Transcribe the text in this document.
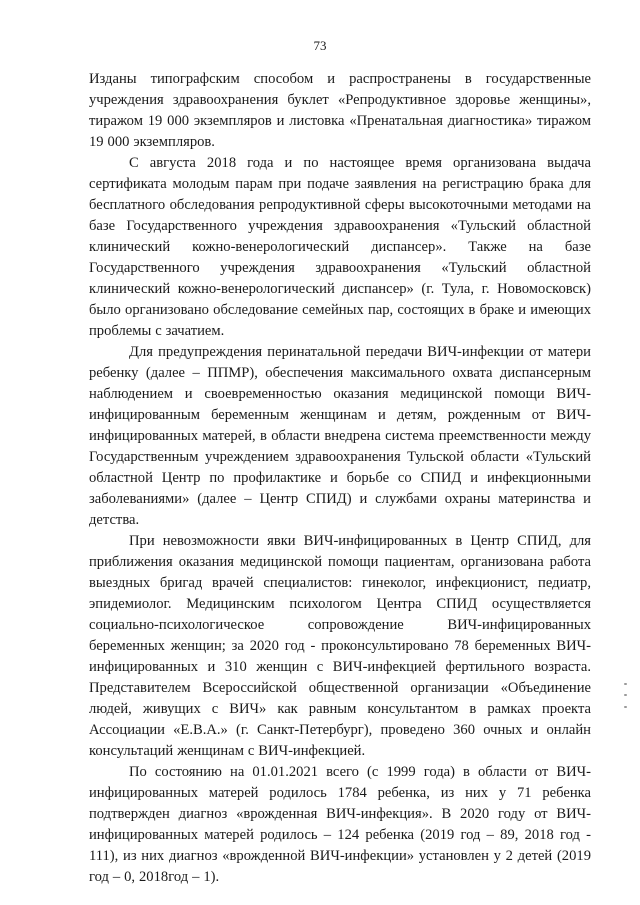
73

Изданы типографским способом и распространены в государственные учреждения здравоохранения буклет «Репродуктивное здоровье женщины», тиражом 19 000 экземпляров и листовка «Пренатальная диагностика» тиражом 19 000 экземпляров.

С августа 2018 года и по настоящее время организована выдача сертификата молодым парам при подаче заявления на регистрацию брака для бесплатного обследования репродуктивной сферы высокоточными методами на базе Государственного учреждения здравоохранения «Тульский областной клинический кожно-венерологический диспансер». Также на базе Государственного учреждения здравоохранения «Тульский областной клинический кожно-венерологический диспансер» (г. Тула, г. Новомосковск) было организовано обследование семейных пар, состоящих в браке и имеющих проблемы с зачатием.

Для предупреждения перинатальной передачи ВИЧ-инфекции от матери ребенку (далее – ППМР), обеспечения максимального охвата диспансерным наблюдением и своевременностью оказания медицинской помощи ВИЧ-инфицированным беременным женщинам и детям, рожденным от ВИЧ-инфицированных матерей, в области внедрена система преемственности между Государственным учреждением здравоохранения Тульской области «Тульский областной Центр по профилактике и борьбе со СПИД и инфекционными заболеваниями» (далее – Центр СПИД) и службами охраны материнства и детства.

При невозможности явки ВИЧ-инфицированных в Центр СПИД, для приближения оказания медицинской помощи пациентам, организована работа выездных бригад врачей специалистов: гинеколог, инфекционист, педиатр, эпидемиолог. Медицинским психологом Центра СПИД осуществляется социально-психологическое сопровождение ВИЧ-инфицированных беременных женщин; за 2020 год - проконсультировано 78 беременных ВИЧ-инфицированных и 310 женщин с ВИЧ-инфекцией фертильного возраста. Представителем Всероссийской общественной организации «Объединение людей, живущих с ВИЧ» как равным консультантом в рамках проекта Ассоциации «Е.В.А.» (г. Санкт-Петербург), проведено 360 очных и онлайн консультаций женщинам с ВИЧ-инфекцией.

По состоянию на 01.01.2021 всего (с 1999 года) в области от ВИЧ-инфицированных матерей родилось 1784 ребенка, из них у 71 ребенка подтвержден диагноз «врожденная ВИЧ-инфекция». В 2020 году от ВИЧ-инфицированных матерей родилось – 124 ребенка (2019 год – 89, 2018 год - 111), из них диагноз «врожденной ВИЧ-инфекции» установлен у 2 детей (2019 год – 0, 2018год – 1).
